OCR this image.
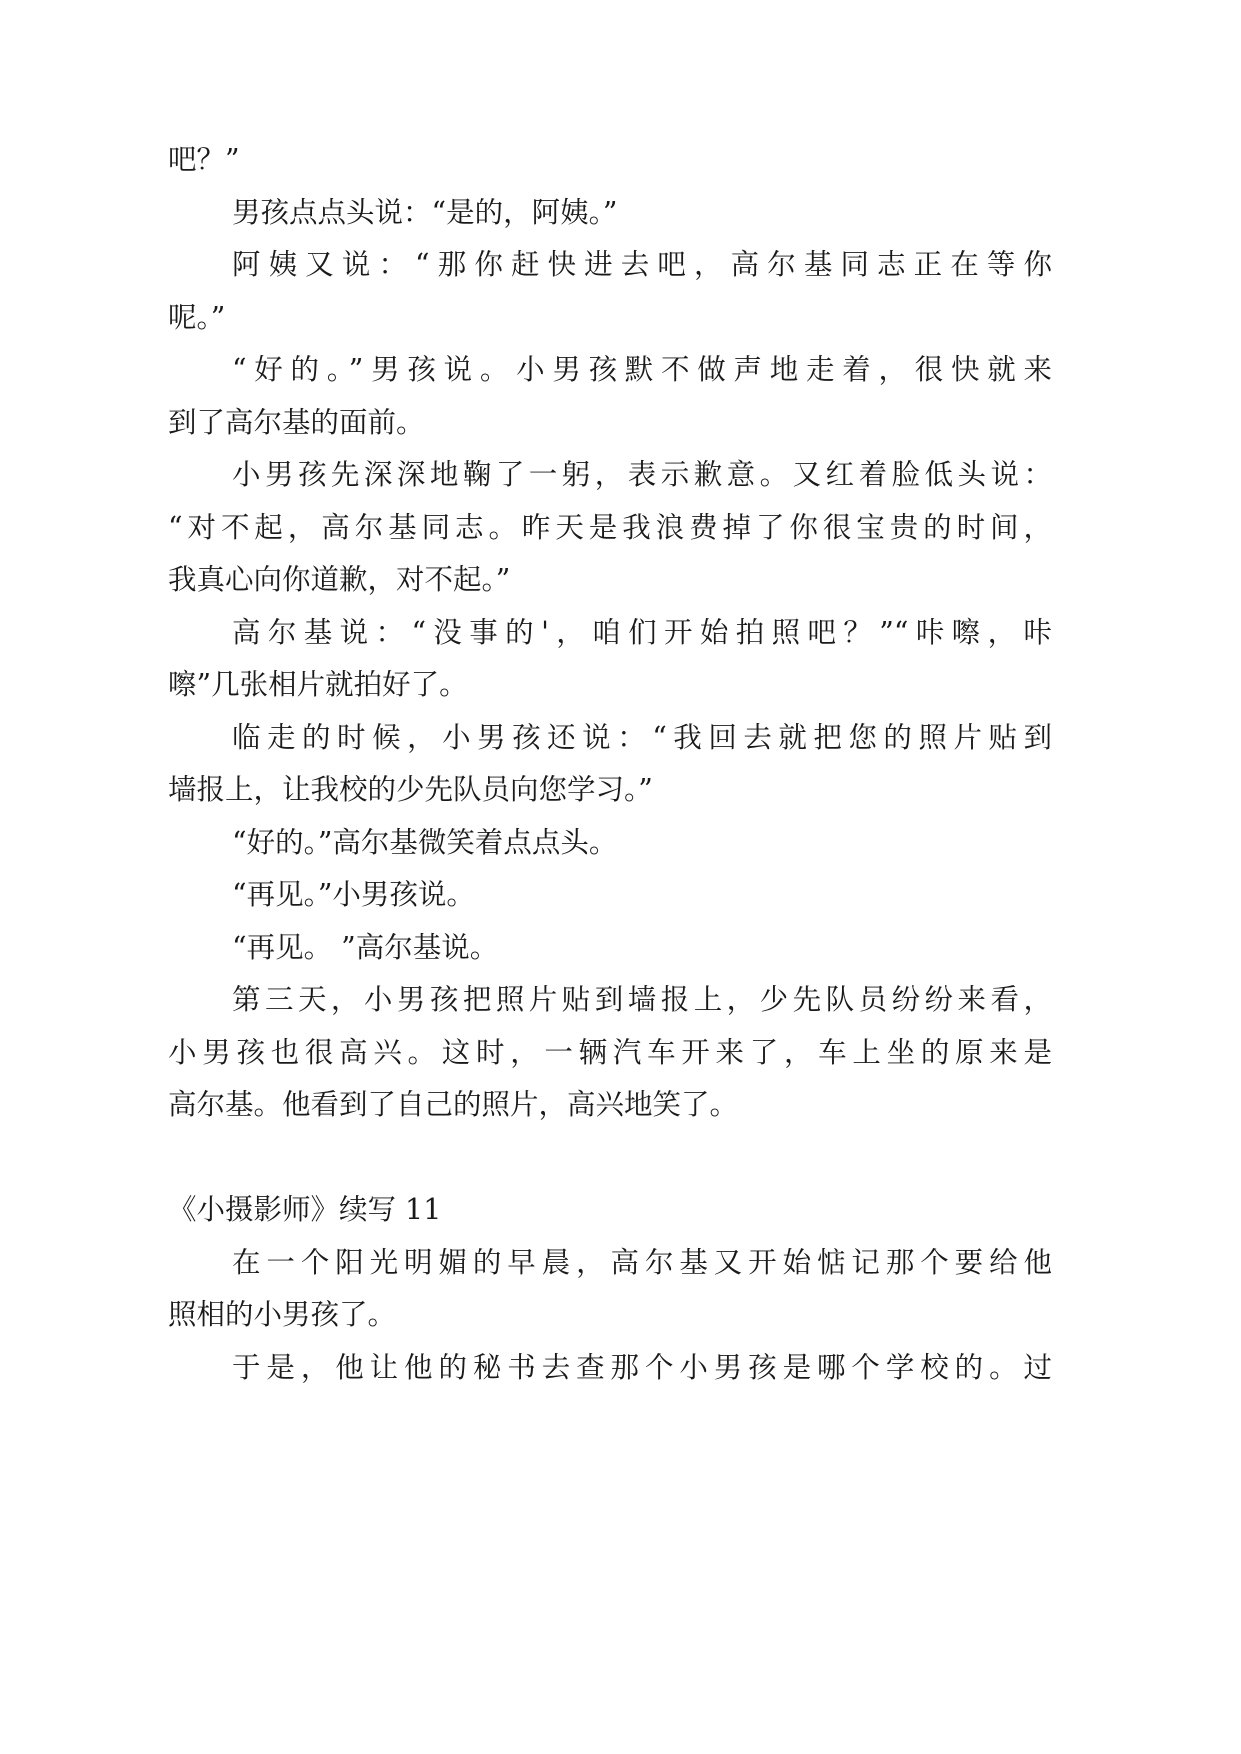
吧？”
男孩点点头说：“是的，阿姨。”
阿姨又说：“那你赶快进去吧，高尔基同志正在等你
呢。”
“好的。”男孩说。小男孩默不做声地走着，很快就来
到了高尔基的面前。
小男孩先深深地鞠了一躬，表示歉意。又红着脸低头说：
“对不起，高尔基同志。昨天是我浪费掉了你很宝贵的时间，
我真心向你道歉，对不起。”
高尔基说：“没事的'，咱们开始拍照吧？”“咔嚓，咔
嚓”几张相片就拍好了。
临走的时候，小男孩还说：“我回去就把您的照片贴到
墙报上，让我校的少先队员向您学习。”
“好的。”高尔基微笑着点点头。
“再见。”小男孩说。
“再见。 ”高尔基说。
第三天，小男孩把照片贴到墙报上，少先队员纷纷来看，
小男孩也很高兴。这时，一辆汽车开来了，车上坐的原来是
高尔基。他看到了自己的照片，高兴地笑了。
《小摄影师》续写 11
在一个阳光明媚的早晨，高尔基又开始惦记那个要给他
照相的小男孩了。
于是，他让他的秘书去查那个小男孩是哪个学校的。过
